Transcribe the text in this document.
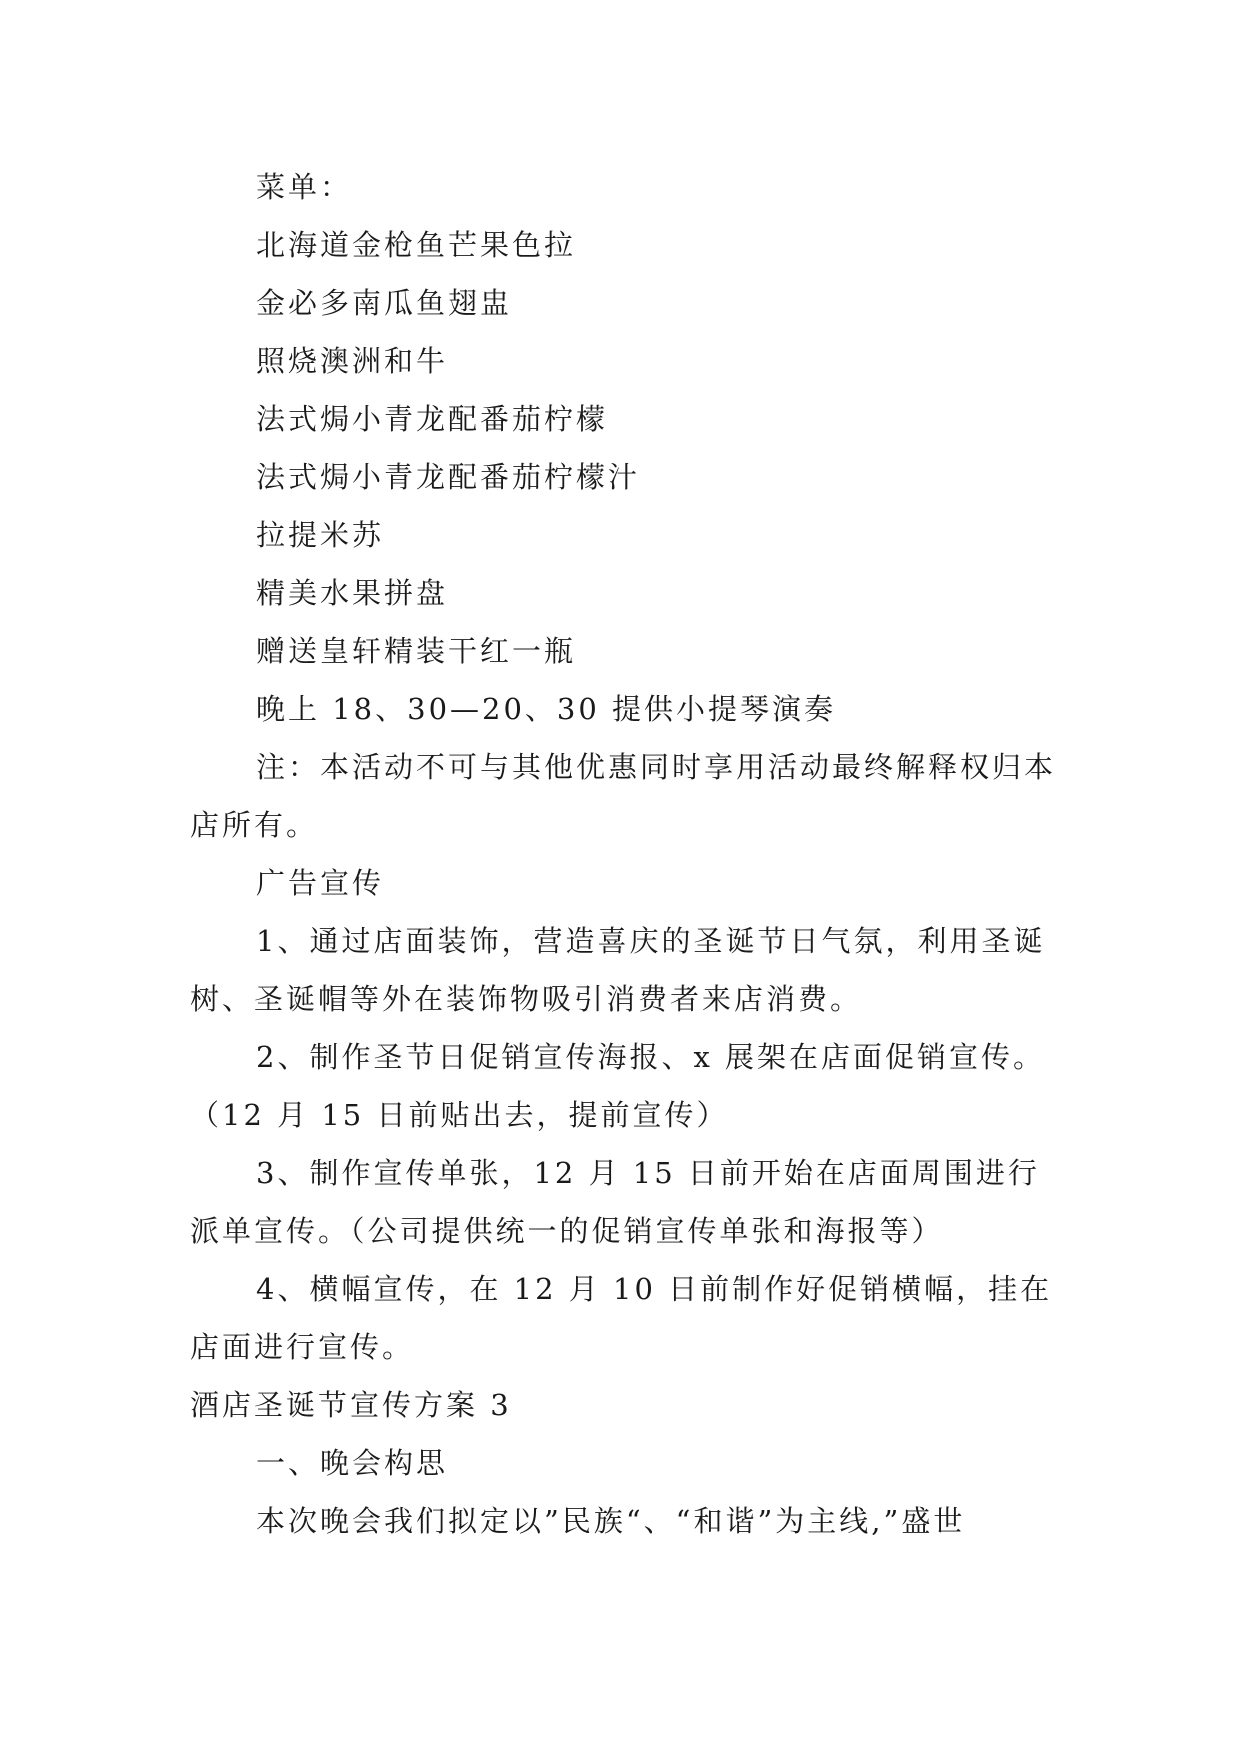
菜单：

北海道金枪鱼芒果色拉

金必多南瓜鱼翅盅

照烧澳洲和牛

法式焗小青龙配番茄柠檬

法式焗小青龙配番茄柠檬汁

拉提米苏

精美水果拼盘

赠送皇轩精装干红一瓶

晚上 18、30—20、30 提供小提琴演奏

注：本活动不可与其他优惠同时享用活动最终解释权归本店所有。

广告宣传

1、通过店面装饰，营造喜庆的圣诞节日气氛，利用圣诞树、圣诞帽等外在装饰物吸引消费者来店消费。

2、制作圣节日促销宣传海报、x 展架在店面促销宣传。（12 月 15 日前贴出去，提前宣传）

3、制作宣传单张，12 月 15 日前开始在店面周围进行派单宣传。（公司提供统一的促销宣传单张和海报等）

4、横幅宣传，在 12 月 10 日前制作好促销横幅，挂在店面进行宣传。

酒店圣诞节宣传方案 3

一、晚会构思

本次晚会我们拟定以”民族“、“和谐”为主线,”盛世
